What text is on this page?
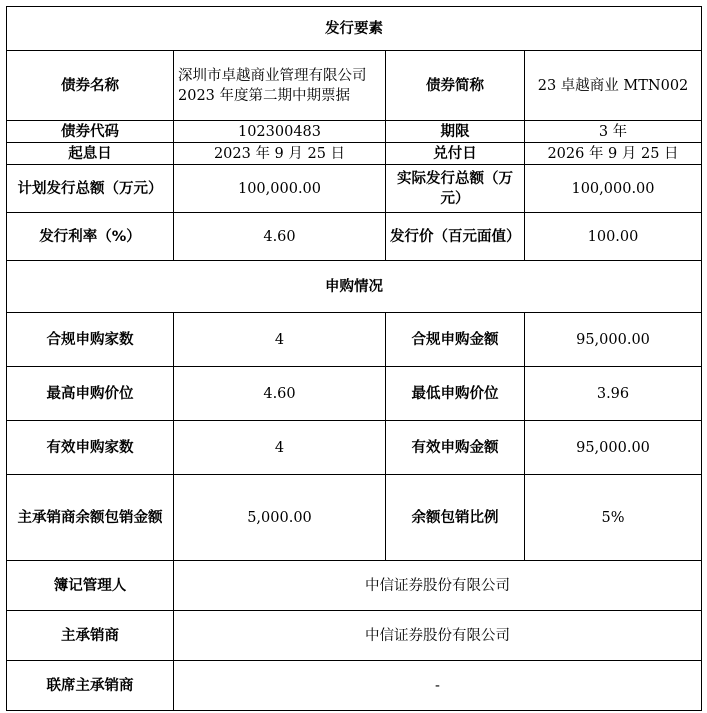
发行要素			
债券名称	深圳市卓越商业管理有限公司 2023 年度第二期中期票据	债券简称	23 卓越商业 MTN002
债券代码	102300483	期限	3 年
起息日	2023 年 9 月 25 日	兑付日	2026 年 9 月 25 日
计划发行总额（万元）	100,000.00	实际发行总额（万元）	100,000.00
发行利率（%）	4.60	发行价（百元面值）	100.00
申购情况			
合规申购家数	4	合规申购金额	95,000.00
最高申购价位	4.60	最低申购价位	3.96
有效申购家数	4	有效申购金额	95,000.00
主承销商余额包销金额	5,000.00	余额包销比例	5%
簿记管理人	中信证券股份有限公司		
主承销商	中信证券股份有限公司		
联席主承销商	-		
